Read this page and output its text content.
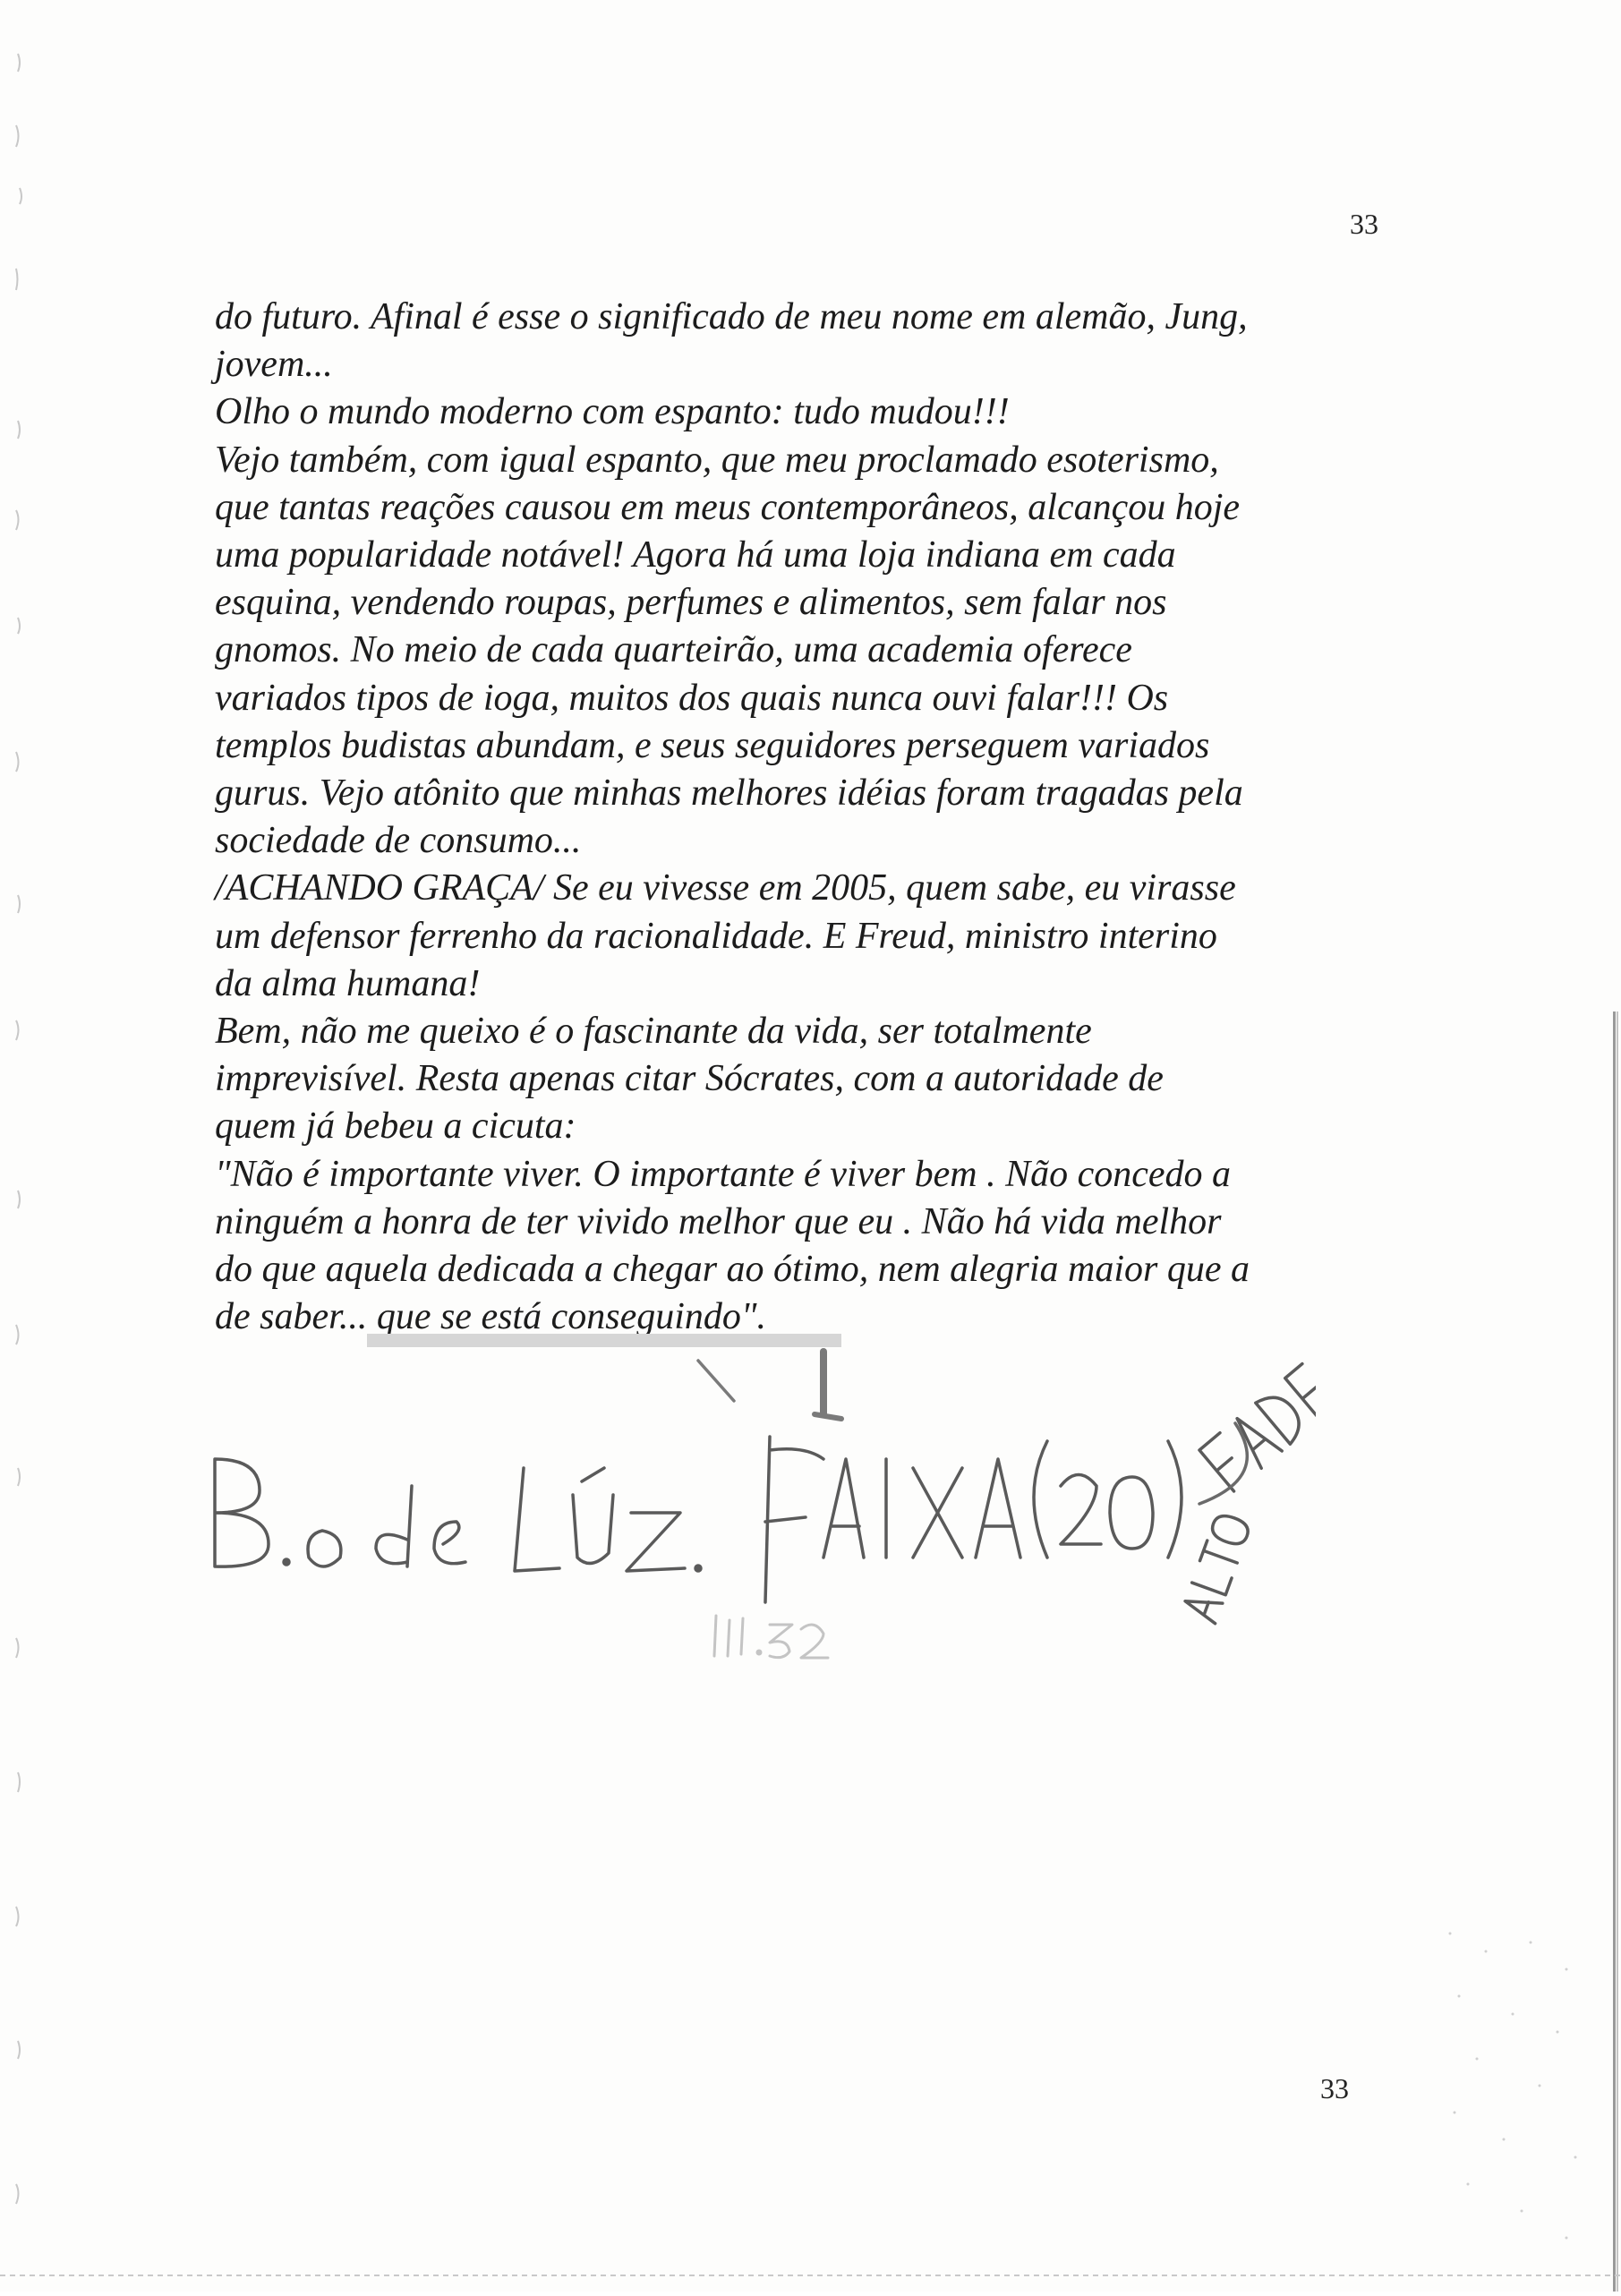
33
do futuro. Afinal é esse o significado de meu nome em alemão, Jung,
jovem...
Olho o mundo moderno com espanto: tudo mudou!!!
Vejo também, com igual espanto, que meu proclamado esoterismo,
que tantas reações causou em meus contemporâneos, alcançou hoje
uma popularidade notável! Agora há uma loja indiana em cada
esquina, vendendo roupas, perfumes e alimentos, sem falar nos
gnomos. No meio de cada quarteirão, uma academia oferece
variados tipos de ioga, muitos dos quais nunca ouvi falar!!! Os
templos budistas abundam, e seus seguidores perseguem variados
gurus. Vejo atônito que minhas melhores idéias foram tragadas pela
sociedade de consumo...
/ACHANDO GRAÇA/ Se eu vivesse em 2005, quem sabe, eu virasse
um defensor ferrenho da racionalidade. E Freud, ministro interino
da alma humana!
Bem, não me queixo é o fascinante da vida, ser totalmente
imprevisível. Resta apenas citar Sócrates, com a autoridade de
quem já bebeu a cicuta:
"Não é importante viver. O importante é viver bem . Não concedo a
ninguém a honra de ter vivido melhor que eu . Não há vida melhor
do que aquela dedicada a chegar ao ótimo, nem alegria maior que a
de saber... que se está conseguindo".
33
